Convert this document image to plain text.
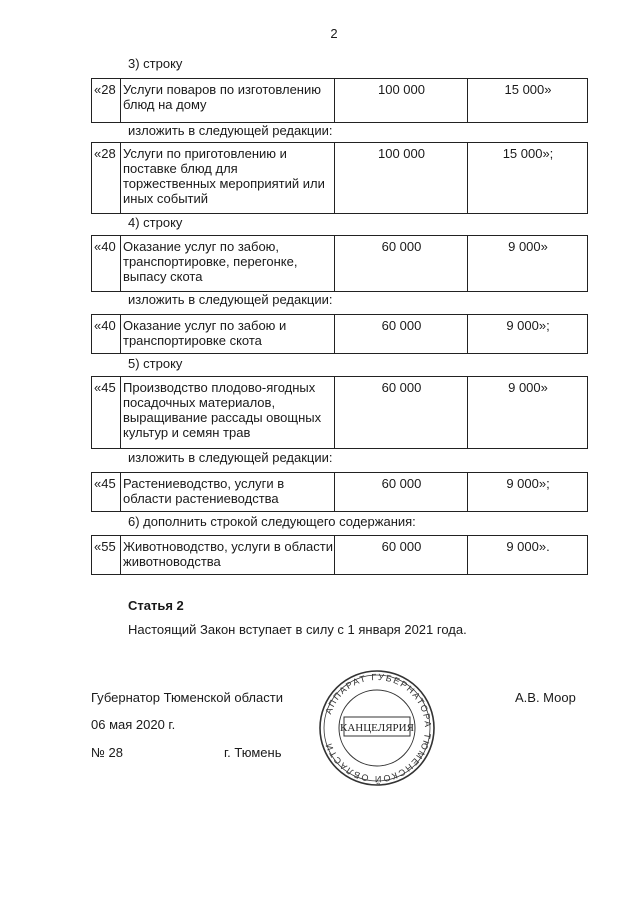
2
3) строку
«28	Услуги поваров по изготовлению блюд на дому	100 000	15 000»
изложить в следующей редакции:
«28	Услуги по приготовлению и поставке блюд для торжественных мероприятий или иных событий	100 000	15 000»;
4) строку
«40	Оказание услуг по забою, транспортировке, перегонке, выпасу скота	60 000	9 000»
изложить в следующей редакции:
«40	Оказание услуг по забою и транспортировке скота	60 000	9 000»;
5) строку
«45	Производство плодово-ягодных посадочных материалов, выращивание рассады овощных культур и семян трав	60 000	9 000»
изложить в следующей редакции:
«45	Растениеводство, услуги в области растениеводства	60 000	9 000»;
6) дополнить строкой следующего содержания:
«55	Животноводство, услуги в области животноводства	60 000	9 000».
Статья 2
Настоящий Закон вступает в силу с 1 января 2021 года.
Губернатор Тюменской области	А.В. Моор
06 мая 2020 г.
№ 28	г. Тюмень
АППАРАТ ГУБЕРНАТОРА ТЮМЕНСКОЙ ОБЛАСТИ
КАНЦЕЛЯРИЯ
